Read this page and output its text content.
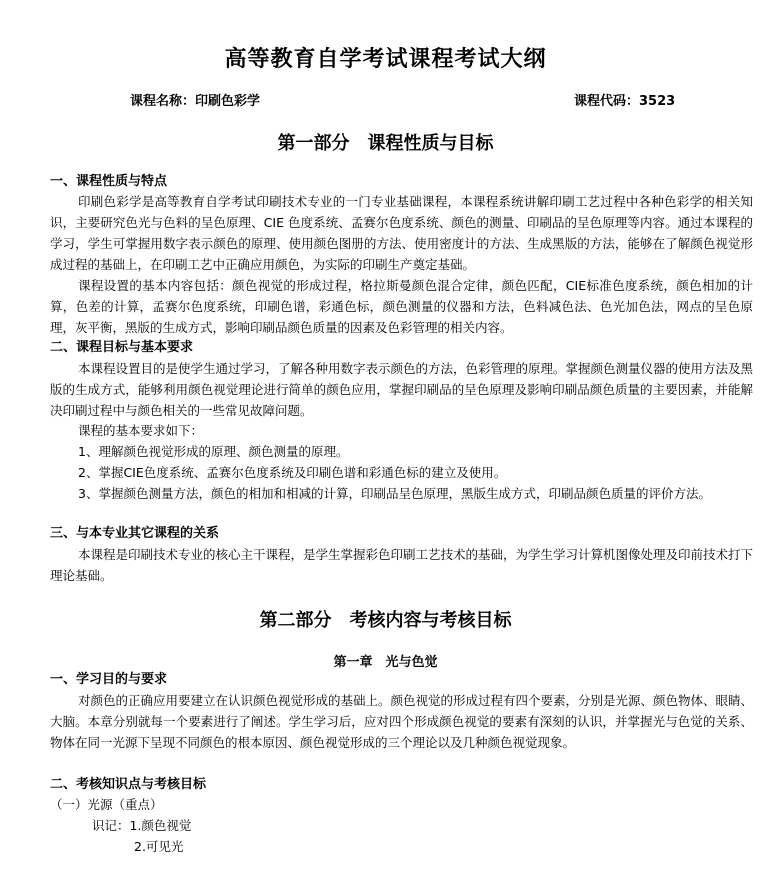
高等教育自学考试课程考试大纲
课程名称：印刷色彩学	课程代码：3523
第一部分　课程性质与目标
一、课程性质与特点
印刷色彩学是高等教育自学考试印刷技术专业的一门专业基础课程，本课程系统讲解印刷工艺过程中各种色彩学的相关知识，主要研究色光与色料的呈色原理、CIE 色度系统、孟赛尔色度系统、颜色的测量、印刷品的呈色原理等内容。通过本课程的学习，学生可掌握用数字表示颜色的原理、使用颜色图册的方法、使用密度计的方法、生成黑版的方法，能够在了解颜色视觉形成过程的基础上，在印刷工艺中正确应用颜色，为实际的印刷生产奠定基础。
课程设置的基本内容包括：颜色视觉的形成过程，格拉斯曼颜色混合定律，颜色匹配，CIE标准色度系统，颜色相加的计算，色差的计算，孟赛尔色度系统，印刷色谱，彩通色标，颜色测量的仪器和方法，色料减色法、色光加色法，网点的呈色原理，灰平衡，黑版的生成方式，影响印刷品颜色质量的因素及色彩管理的相关内容。
二、课程目标与基本要求
本课程设置目的是使学生通过学习，了解各种用数字表示颜色的方法，色彩管理的原理。掌握颜色测量仪器的使用方法及黑版的生成方式，能够利用颜色视觉理论进行简单的颜色应用，掌握印刷品的呈色原理及影响印刷品颜色质量的主要因素，并能解决印刷过程中与颜色相关的一些常见故障问题。
课程的基本要求如下：
1、理解颜色视觉形成的原理、颜色测量的原理。
2、掌握CIE色度系统、孟赛尔色度系统及印刷色谱和彩通色标的建立及使用。
3、掌握颜色测量方法，颜色的相加和相减的计算，印刷品呈色原理，黑版生成方式，印刷品颜色质量的评价方法。
三、与本专业其它课程的关系
本课程是印刷技术专业的核心主干课程，是学生掌握彩色印刷工艺技术的基础，为学生学习计算机图像处理及印前技术打下理论基础。
第二部分　考核内容与考核目标
第一章　光与色觉
一、学习目的与要求
对颜色的正确应用要建立在认识颜色视觉形成的基础上。颜色视觉的形成过程有四个要素，分别是光源、颜色物体、眼睛、大脑。本章分别就每一个要素进行了阐述。学生学习后，应对四个形成颜色视觉的要素有深刻的认识，并掌握光与色觉的关系、物体在同一光源下呈现不同颜色的根本原因、颜色视觉形成的三个理论以及几种颜色视觉现象。
二、考核知识点与考核目标
（一）光源（重点）
识记：1.颜色视觉
2.可见光
